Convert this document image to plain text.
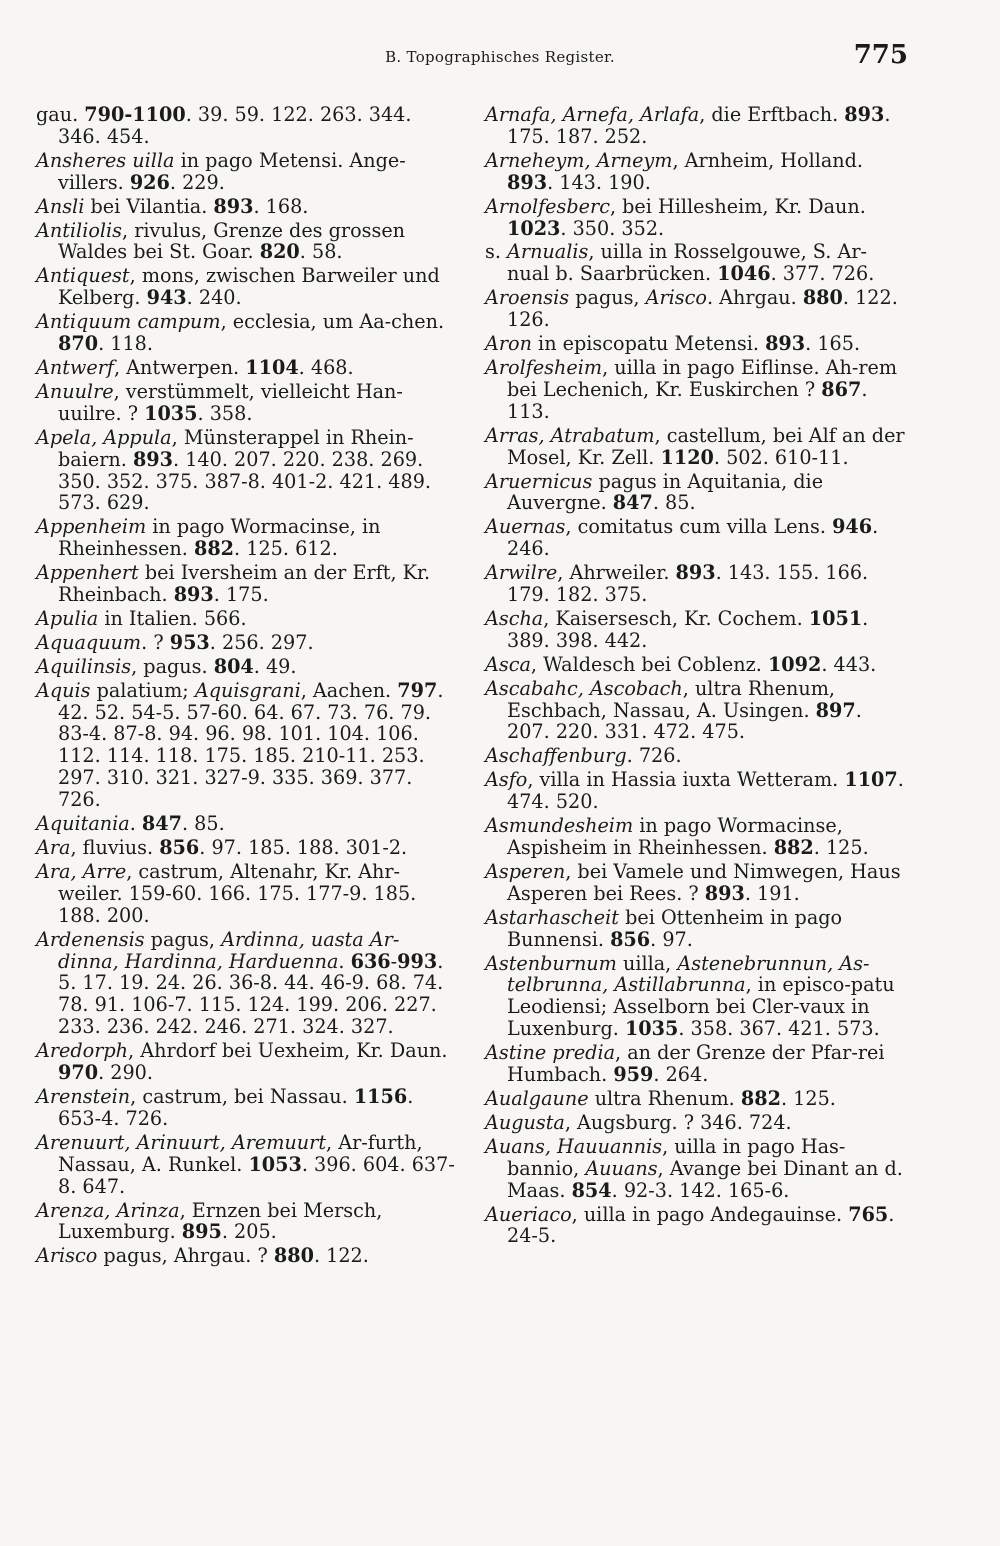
B. Topographisches Register.	775

gau. 790-1100. 39. 59. 122. 263. 344. 346. 454.

Ansheres uilla in pago Metensi. Ange-villers. 926. 229.

Ansli bei Vilantia. 893. 168.

Antiliolis, rivulus, Grenze des grossen Waldes bei St. Goar. 820. 58.

Antiquest, mons, zwischen Barweiler und Kelberg. 943. 240.

Antiquum campum, ecclesia, um Aa-chen. 870. 118.

Antwerf, Antwerpen. 1104. 468.

Anuulre, verstümmelt, vielleicht Han-uuilre. ? 1035. 358.

Apela, Appula, Münsterappel in Rhein-baiern. 893. 140. 207. 220. 238. 269. 350. 352. 375. 387-8. 401-2. 421. 489. 573. 629.

Appenheim in pago Wormacinse, in Rheinhessen. 882. 125. 612.

Appenhert bei Iversheim an der Erft, Kr. Rheinbach. 893. 175.

Apulia in Italien. 566.

Aquaquum. ? 953. 256. 297.

Aquilinsis, pagus. 804. 49.

Aquis palatium; Aquisgrani, Aachen. 797. 42. 52. 54-5. 57-60. 64. 67. 73. 76. 79. 83-4. 87-8. 94. 96. 98. 101. 104. 106. 112. 114. 118. 175. 185. 210-11. 253. 297. 310. 321. 327-9. 335. 369. 377. 726.

Aquitania. 847. 85.

Ara, fluvius. 856. 97. 185. 188. 301-2.

Ara, Arre, castrum, Altenahr, Kr. Ahr-weiler. 159-60. 166. 175. 177-9. 185. 188. 200.

Ardenensis pagus, Ardinna, uasta Ar-dinna, Hardinna, Harduenna. 636-993. 5. 17. 19. 24. 26. 36-8. 44. 46-9. 68. 74. 78. 91. 106-7. 115. 124. 199. 206. 227. 233. 236. 242. 246. 271. 324. 327.

Aredorph, Ahrdorf bei Uexheim, Kr. Daun. 970. 290.

Arenstein, castrum, bei Nassau. 1156. 653-4. 726.

Arenuurt, Arinuurt, Aremuurt, Ar-furth, Nassau, A. Runkel. 1053. 396. 604. 637-8. 647.

Arenza, Arinza, Ernzen bei Mersch, Luxemburg. 895. 205.

Arisco pagus, Ahrgau. ? 880. 122.

Arnafa, Arnefa, Arlafa, die Erftbach. 893. 175. 187. 252.

Arneheym, Arneym, Arnheim, Holland. 893. 143. 190.

Arnolfesberc, bei Hillesheim, Kr. Daun. 1023. 350. 352.

s. Arnualis, uilla in Rosselgouwe, S. Ar-nual b. Saarbrücken. 1046. 377. 726.

Aroensis pagus, Arisco. Ahrgau. 880. 122. 126.

Aron in episcopatu Metensi. 893. 165.

Arolfesheim, uilla in pago Eiflinse. Ah-rem bei Lechenich, Kr. Euskirchen ? 867. 113.

Arras, Atrabatum, castellum, bei Alf an der Mosel, Kr. Zell. 1120. 502. 610-11.

Aruernicus pagus in Aquitania, die Auvergne. 847. 85.

Auernas, comitatus cum villa Lens. 946. 246.

Arwilre, Ahrweiler. 893. 143. 155. 166. 179. 182. 375.

Ascha, Kaisersesch, Kr. Cochem. 1051. 389. 398. 442.

Asca, Waldesch bei Coblenz. 1092. 443.

Ascabahc, Ascobach, ultra Rhenum, Eschbach, Nassau, A. Usingen. 897. 207. 220. 331. 472. 475.

Aschaffenburg. 726.

Asfo, villa in Hassia iuxta Wetteram. 1107. 474. 520.

Asmundesheim in pago Wormacinse, Aspisheim in Rheinhessen. 882. 125.

Asperen, bei Vamele und Nimwegen, Haus Asperen bei Rees. ? 893. 191.

Astarhascheit bei Ottenheim in pago Bunnensi. 856. 97.

Astenburnum uilla, Astenebrunnun, As-telbrunna, Astillabrunna, in episco-patu Leodiensi; Asselborn bei Cler-vaux in Luxenburg. 1035. 358. 367. 421. 573.

Astine predia, an der Grenze der Pfar-rei Humbach. 959. 264.

Aualgaune ultra Rhenum. 882. 125.

Augusta, Augsburg. ? 346. 724.

Auans, Hauuannis, uilla in pago Has-bannio, Auuans, Avange bei Dinant an d. Maas. 854. 92-3. 142. 165-6.

Aueriaco, uilla in pago Andegauinse. 765. 24-5.
